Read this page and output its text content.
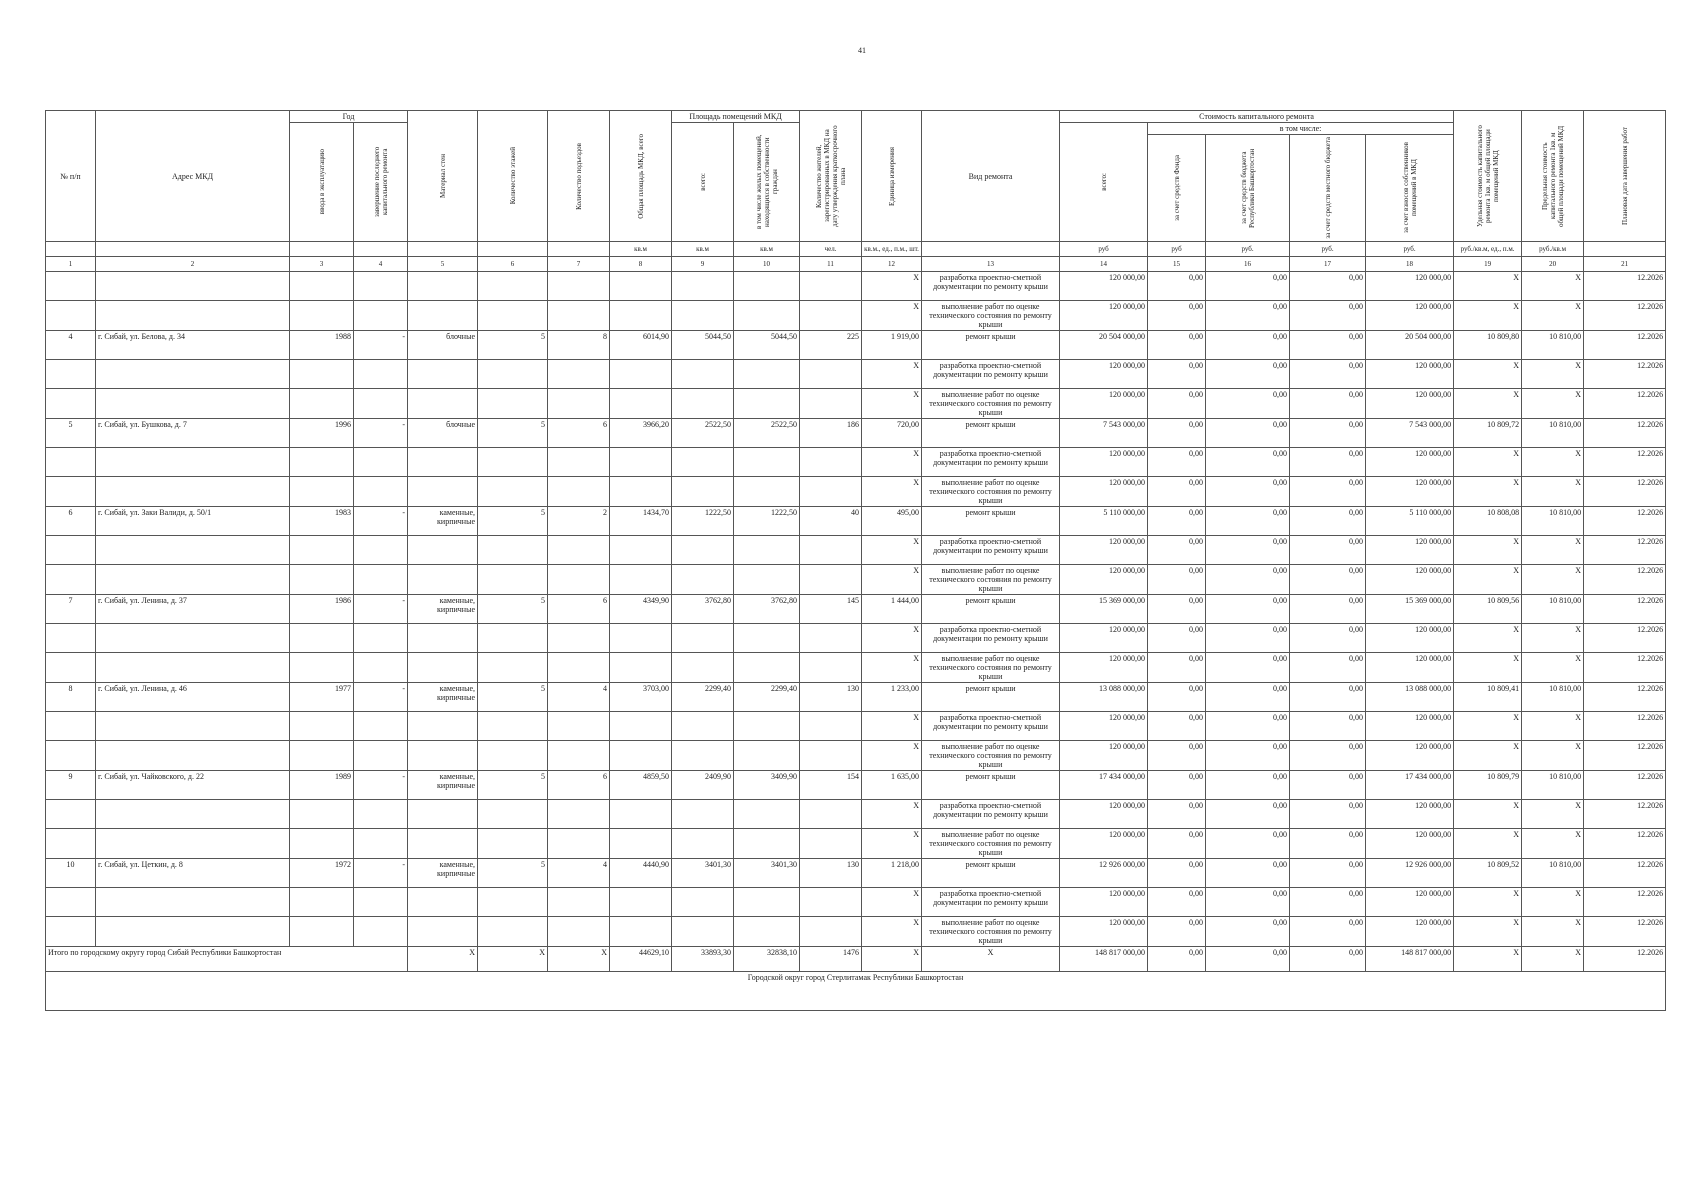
41
№ п/п	Адрес МКД	Год		Материал стен	Количество этажей	Количество подъездов	Общая площадь МКД, всего	Площадь помещений МКД		Количество жителей, зарегистрированных в МКД на дату утверждения краткосрочного плана	Единица измерения	Вид ремонта	Стоимость капитального ремонта					Удельная стоимость капитального ремонта 1кв. м общей площади помещений МКД	Предельная стоимость капитального ремонта 1кв. м общей площади помещений МКД	Плановая дата завершения работ

		ввода в эксплуатацию	завершение последнего капитального ремонта					всего:	в том числе жилых помещений, находящихся в собственности граждан				всего:	в том числе:						

														за счет средств Фонда	за счет средств бюджета Республики Башкортостан	за счет средств местного бюджета	за счет взносов собственников помещений в МКД			

							кв.м	кв.м	кв.м	чел.	кв.м., ед., п.м., шт.		руб	руб	руб.	руб.	руб.	руб./кв.м, ед., п.м.	руб./кв.м	
1	2	3	4	5	6	7	8	9	10	11	12	13	14	15	16	17	18	19	20	21
											X	разработка проектно-сметной документации по ремонту крыши	120 000,00	0,00	0,00	0,00	120 000,00	X	X	12.2026
											X	выполнение работ по оценке технического состояния по ремонту крыши	120 000,00	0,00	0,00	0,00	120 000,00	X	X	12.2026
4	г. Сибай, ул. Белова, д. 34	1988	-	блочные	5	8	6014,90	5044,50	5044,50	225	1 919,00	ремонт крыши	20 504 000,00	0,00	0,00	0,00	20 504 000,00	10 809,80	10 810,00	12.2026
											X	разработка проектно-сметной документации по ремонту крыши	120 000,00	0,00	0,00	0,00	120 000,00	X	X	12.2026
											X	выполнение работ по оценке технического состояния по ремонту крыши	120 000,00	0,00	0,00	0,00	120 000,00	X	X	12.2026
5	г. Сибай, ул. Бушкова, д. 7	1996	-	блочные	5	6	3966,20	2522,50	2522,50	186	720,00	ремонт крыши	7 543 000,00	0,00	0,00	0,00	7 543 000,00	10 809,72	10 810,00	12.2026
											X	разработка проектно-сметной документации по ремонту крыши	120 000,00	0,00	0,00	0,00	120 000,00	X	X	12.2026
											X	выполнение работ по оценке технического состояния по ремонту крыши	120 000,00	0,00	0,00	0,00	120 000,00	X	X	12.2026
6	г. Сибай, ул. Заки Валиди, д. 50/1	1983	-	каменные, кирпичные	5	2	1434,70	1222,50	1222,50	40	495,00	ремонт крыши	5 110 000,00	0,00	0,00	0,00	5 110 000,00	10 808,08	10 810,00	12.2026
											X	разработка проектно-сметной документации по ремонту крыши	120 000,00	0,00	0,00	0,00	120 000,00	X	X	12.2026
											X	выполнение работ по оценке технического состояния по ремонту крыши	120 000,00	0,00	0,00	0,00	120 000,00	X	X	12.2026
7	г. Сибай, ул. Ленина, д. 37	1986	-	каменные, кирпичные	5	6	4349,90	3762,80	3762,80	145	1 444,00	ремонт крыши	15 369 000,00	0,00	0,00	0,00	15 369 000,00	10 809,56	10 810,00	12.2026
											X	разработка проектно-сметной документации по ремонту крыши	120 000,00	0,00	0,00	0,00	120 000,00	X	X	12.2026
											X	выполнение работ по оценке технического состояния по ремонту крыши	120 000,00	0,00	0,00	0,00	120 000,00	X	X	12.2026
8	г. Сибай, ул. Ленина, д. 46	1977	-	каменные, кирпичные	5	4	3703,00	2299,40	2299,40	130	1 233,00	ремонт крыши	13 088 000,00	0,00	0,00	0,00	13 088 000,00	10 809,41	10 810,00	12.2026
											X	разработка проектно-сметной документации по ремонту крыши	120 000,00	0,00	0,00	0,00	120 000,00	X	X	12.2026
											X	выполнение работ по оценке технического состояния по ремонту крыши	120 000,00	0,00	0,00	0,00	120 000,00	X	X	12.2026
9	г. Сибай, ул. Чайковского, д. 22	1989	-	каменные, кирпичные	5	6	4859,50	2409,90	3409,90	154	1 635,00	ремонт крыши	17 434 000,00	0,00	0,00	0,00	17 434 000,00	10 809,79	10 810,00	12.2026
											X	разработка проектно-сметной документации по ремонту крыши	120 000,00	0,00	0,00	0,00	120 000,00	X	X	12.2026
											X	выполнение работ по оценке технического состояния по ремонту крыши	120 000,00	0,00	0,00	0,00	120 000,00	X	X	12.2026
10	г. Сибай, ул. Цеткин, д. 8	1972	-	каменные, кирпичные	5	4	4440,90	3401,30	3401,30	130	1 218,00	ремонт крыши	12 926 000,00	0,00	0,00	0,00	12 926 000,00	10 809,52	10 810,00	12.2026
											X	разработка проектно-сметной документации по ремонту крыши	120 000,00	0,00	0,00	0,00	120 000,00	X	X	12.2026
											X	выполнение работ по оценке технического состояния по ремонту крыши	120 000,00	0,00	0,00	0,00	120 000,00	X	X	12.2026
Итого по городскому округу город Сибай Республики Башкортостан				X	X	X	44629,10	33893,30	32838,10	1476	X	X	148 817 000,00	0,00	0,00	0,00	148 817 000,00	X	X	12.2026
Городской округ город Стерлитамак Республики Башкортостан																				
